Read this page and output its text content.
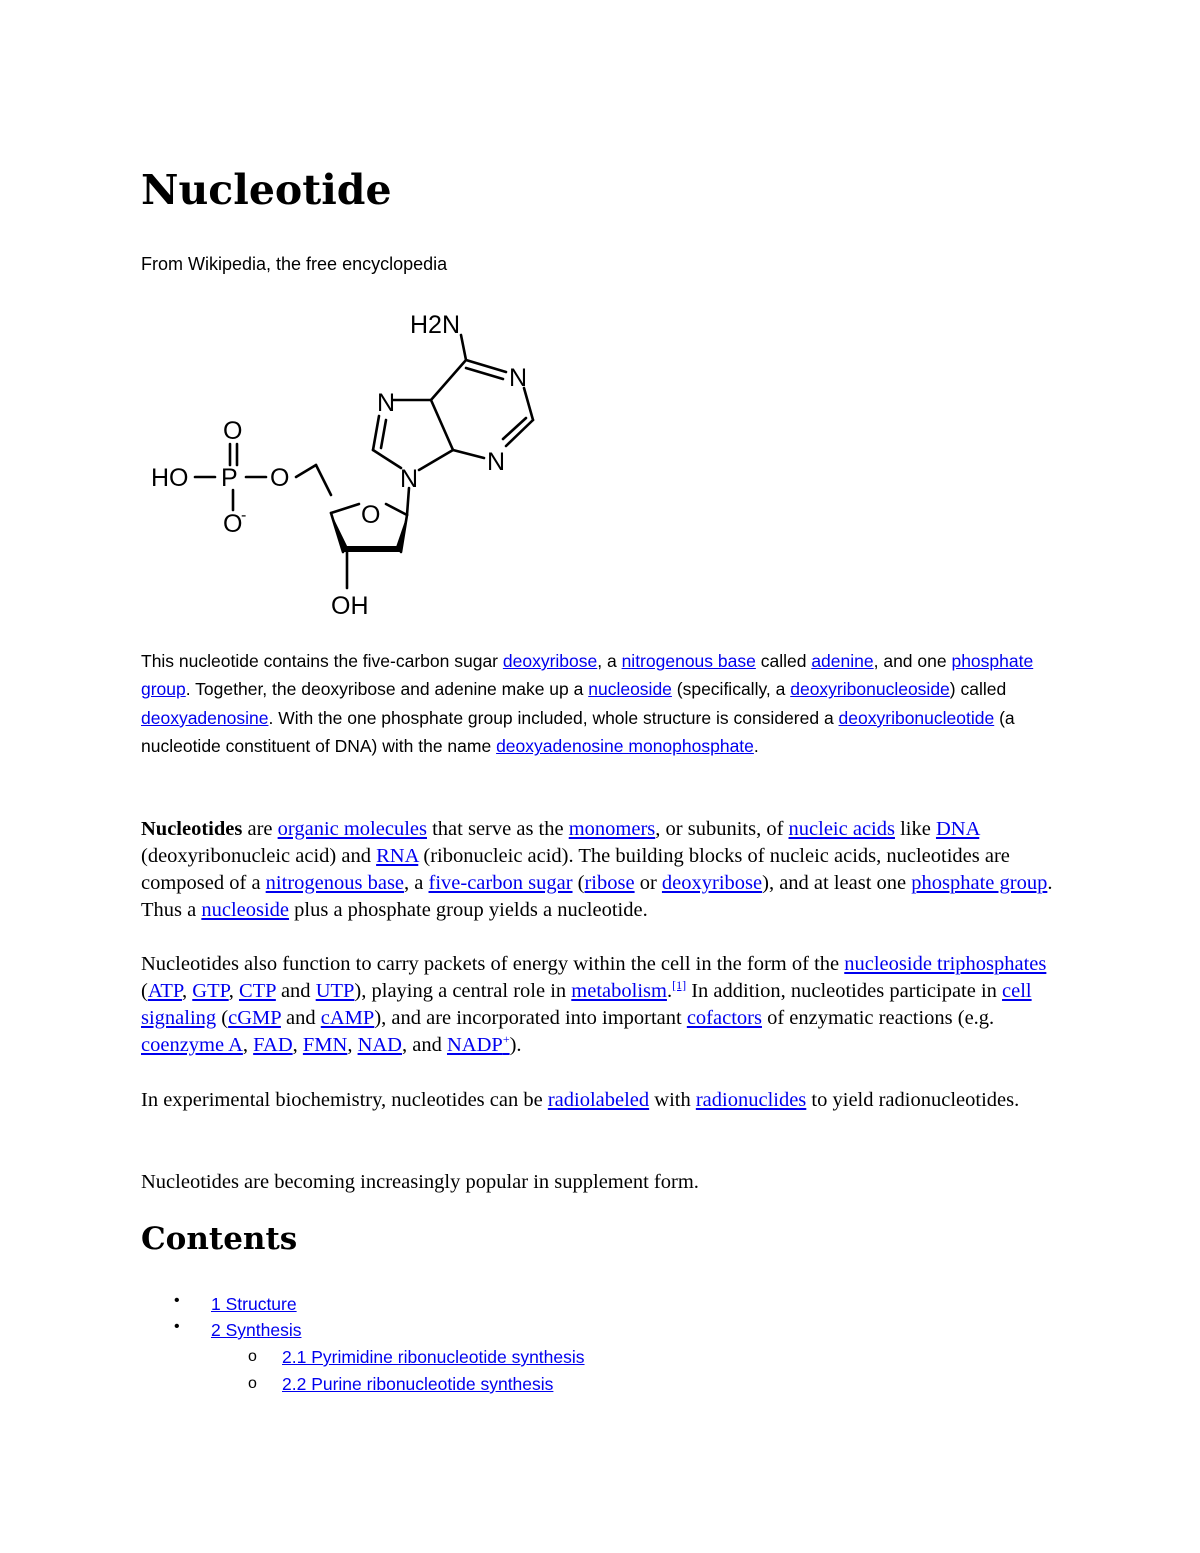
Nucleotide
From Wikipedia, the free encyclopedia
H2N
N
N
N
N
O
HO P O
O
-	O
OH
This nucleotide contains the five-carbon sugar deoxyribose, a nitrogenous base called adenine, and one phosphate group. Together, the deoxyribose and adenine make up a nucleoside (specifically, a deoxyribonucleoside) called deoxyadenosine. With the one phosphate group included, whole structure is considered a deoxyribonucleotide (a nucleotide constituent of DNA) with the name deoxyadenosine monophosphate.

Nucleotides are organic molecules that serve as the monomers, or subunits, of nucleic acids like DNA (deoxyribonucleic acid) and RNA (ribonucleic acid). The building blocks of nucleic acids, nucleotides are composed of a nitrogenous base, a five-carbon sugar (ribose or deoxyribose), and at least one phosphate group. Thus a nucleoside plus a phosphate group yields a nucleotide.

Nucleotides also function to carry packets of energy within the cell in the form of the nucleoside triphosphates (ATP, GTP, CTP and UTP), playing a central role in metabolism.[1] In addition, nucleotides participate in cell signaling (cGMP and cAMP), and are incorporated into important cofactors of enzymatic reactions (e.g. coenzyme A, FAD, FMN, NAD, and NADP+).

In experimental biochemistry, nucleotides can be radiolabeled with radionuclides to yield radionucleotides.

Nucleotides are becoming increasingly popular in supplement form.

Contents
• 1 Structure
• 2 Synthesis
o 2.1 Pyrimidine ribonucleotide synthesis
o 2.2 Purine ribonucleotide synthesis
